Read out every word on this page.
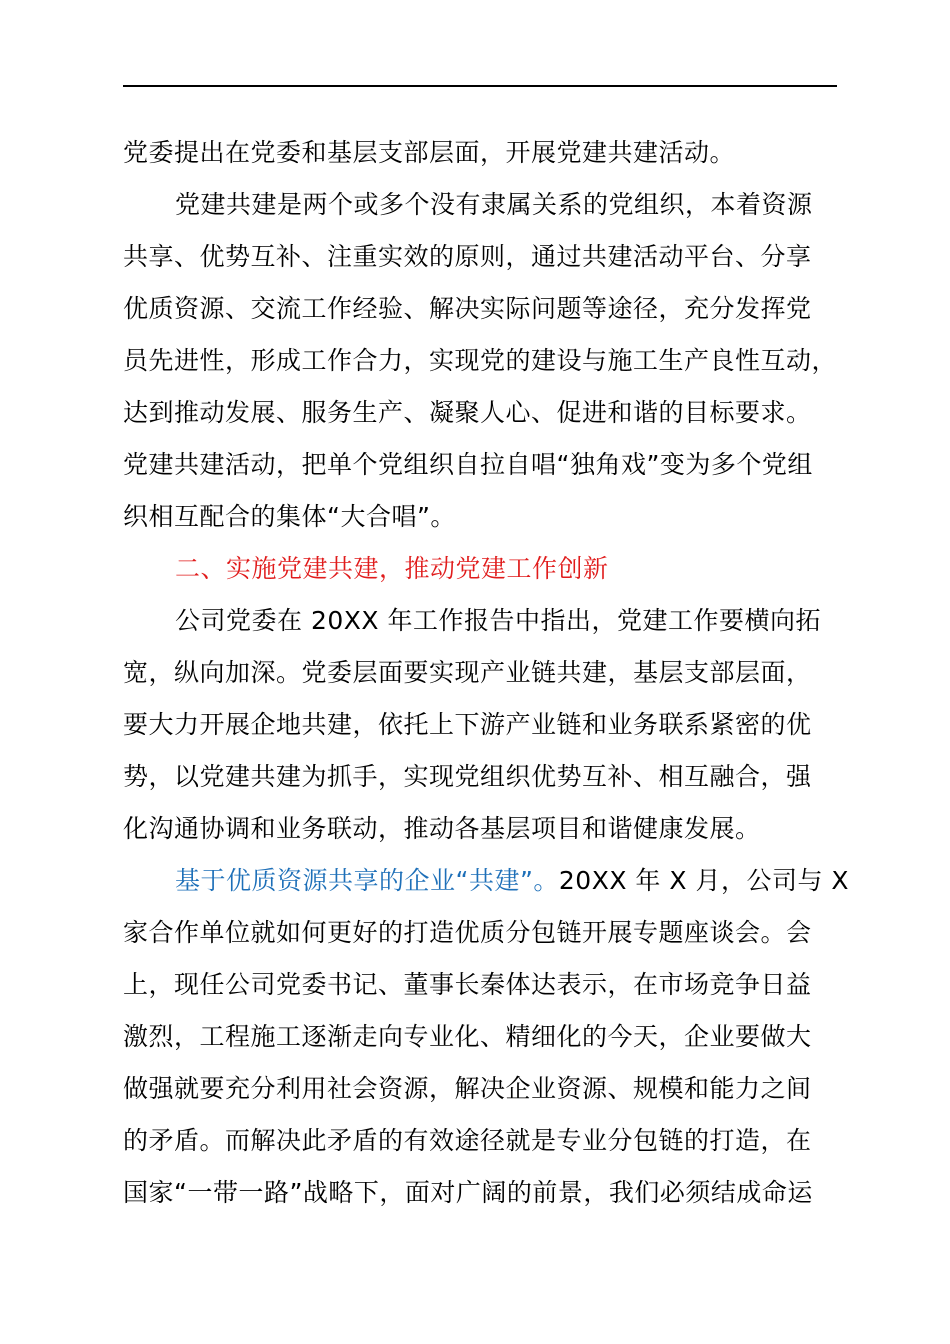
党委提出在党委和基层支部层面，开展党建共建活动。
党建共建是两个或多个没有隶属关系的党组织，本着资源
共享、优势互补、注重实效的原则，通过共建活动平台、分享
优质资源、交流工作经验、解决实际问题等途径，充分发挥党
员先进性，形成工作合力，实现党的建设与施工生产良性互动，
达到推动发展、服务生产、凝聚人心、促进和谐的目标要求。
党建共建活动，把单个党组织自拉自唱“独角戏”变为多个党组
织相互配合的集体“大合唱”。
二、实施党建共建，推动党建工作创新
公司党委在 20XX 年工作报告中指出，党建工作要横向拓
宽，纵向加深。党委层面要实现产业链共建，基层支部层面，
要大力开展企地共建，依托上下游产业链和业务联系紧密的优
势，以党建共建为抓手，实现党组织优势互补、相互融合，强
化沟通协调和业务联动，推动各基层项目和谐健康发展。
基于优质资源共享的企业“共建”。20XX 年 X 月，公司与 X
家合作单位就如何更好的打造优质分包链开展专题座谈会。会
上，现任公司党委书记、董事长秦体达表示，在市场竞争日益
激烈，工程施工逐渐走向专业化、精细化的今天，企业要做大
做强就要充分利用社会资源，解决企业资源、规模和能力之间
的矛盾。而解决此矛盾的有效途径就是专业分包链的打造，在
国家“一带一路”战略下，面对广阔的前景，我们必须结成命运
